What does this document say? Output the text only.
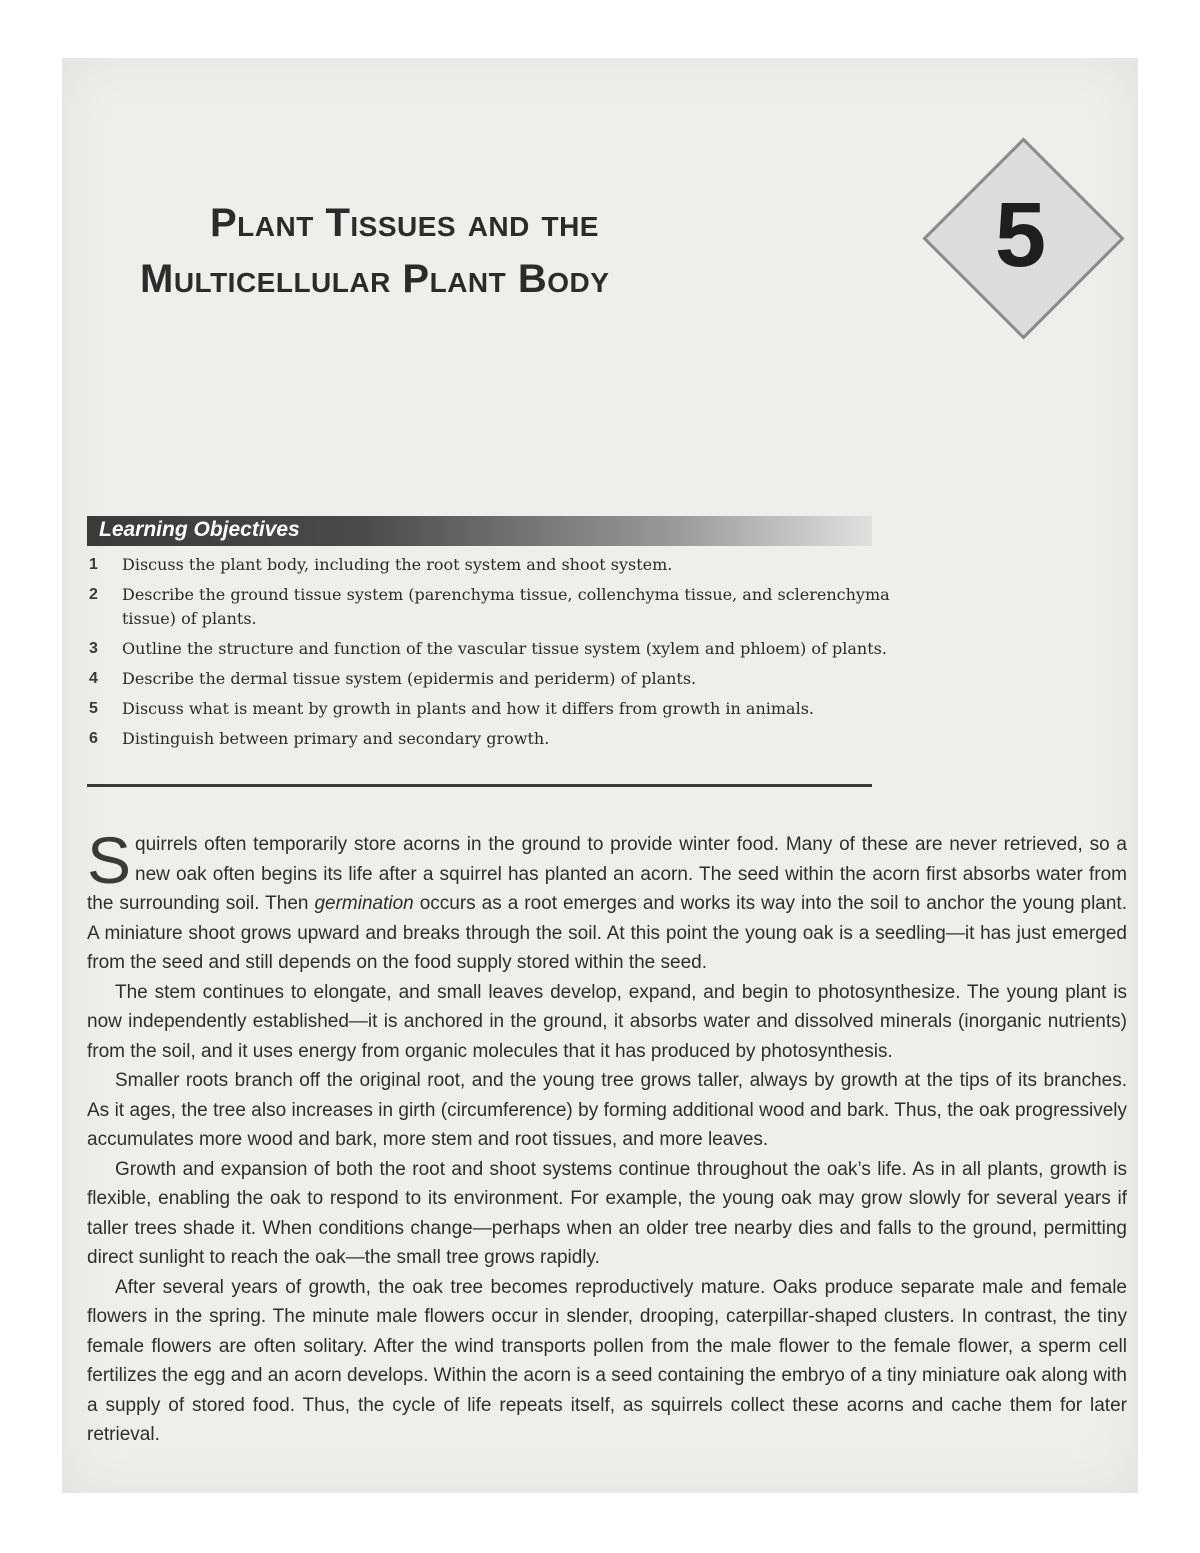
Plant Tissues and the
Multicellular Plant Body	5
Learning Objectives
1 Discuss the plant body, including the root system and shoot system.
2 Describe the ground tissue system (parenchyma tissue, collenchyma tissue, and sclerenchyma tissue) of plants.
3 Outline the structure and function of the vascular tissue system (xylem and phloem) of plants.
4 Describe the dermal tissue system (epidermis and periderm) of plants.
5 Discuss what is meant by growth in plants and how it differs from growth in animals.
6 Distinguish between primary and secondary growth.

Squirrels often temporarily store acorns in the ground to provide winter food. Many of these are never retrieved, so a new oak often begins its life after a squirrel has planted an acorn. The seed within the acorn first absorbs water from the surrounding soil. Then germination occurs as a root emerges and works its way into the soil to anchor the young plant. A miniature shoot grows upward and breaks through the soil. At this point the young oak is a seedling—it has just emerged from the seed and still depends on the food supply stored within the seed.

The stem continues to elongate, and small leaves develop, expand, and begin to photosynthesize. The young plant is now independently established—it is anchored in the ground, it absorbs water and dissolved minerals (inorganic nutrients) from the soil, and it uses energy from organic molecules that it has produced by photosynthesis.

Smaller roots branch off the original root, and the young tree grows taller, always by growth at the tips of its branches. As it ages, the tree also increases in girth (circumference) by forming additional wood and bark. Thus, the oak progressively accumulates more wood and bark, more stem and root tissues, and more leaves.

Growth and expansion of both the root and shoot systems continue throughout the oak’s life. As in all plants, growth is flexible, enabling the oak to respond to its environment. For example, the young oak may grow slowly for several years if taller trees shade it. When conditions change—perhaps when an older tree nearby dies and falls to the ground, permitting direct sunlight to reach the oak—the small tree grows rapidly.

After several years of growth, the oak tree becomes reproductively mature. Oaks produce separate male and female flowers in the spring. The minute male flowers occur in slender, drooping, caterpillar-shaped clusters. In contrast, the tiny female flowers are often solitary. After the wind transports pollen from the male flower to the female flower, a sperm cell fertilizes the egg and an acorn develops. Within the acorn is a seed containing the embryo of a tiny miniature oak along with a supply of stored food. Thus, the cycle of life repeats itself, as squirrels collect these acorns and cache them for later retrieval.
